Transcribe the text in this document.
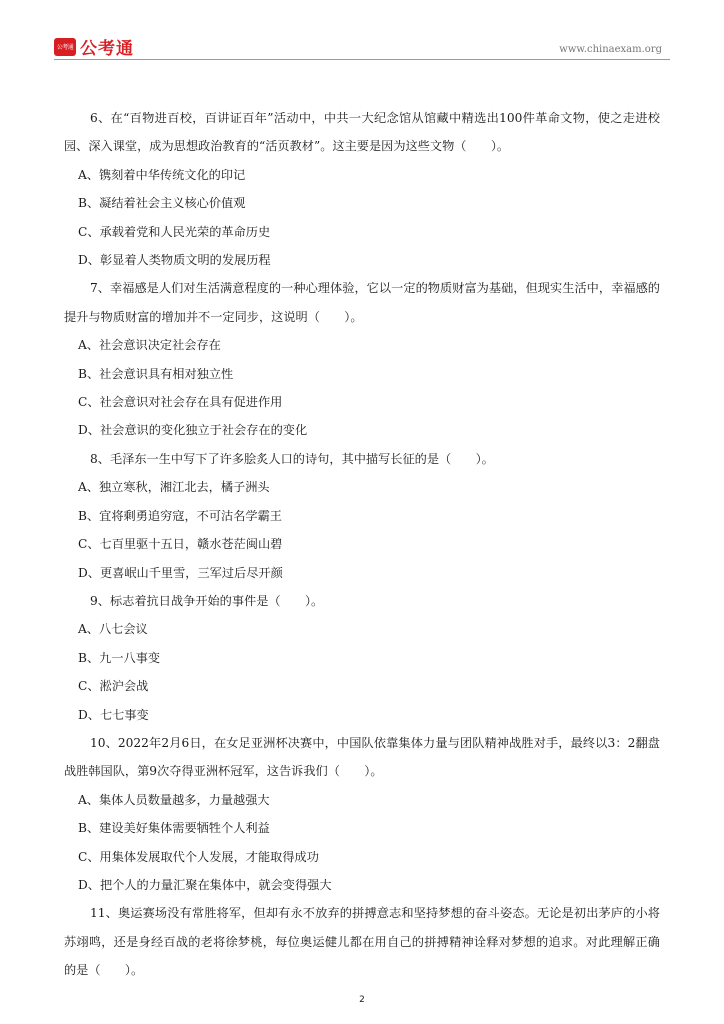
公考通 公考通	www.chinaexam.org

6、在“百物进百校，百讲证百年”活动中，中共一大纪念馆从馆藏中精选出100件革命文物，使之走进校园、深入课堂，成为思想政治教育的“活页教材”。这主要是因为这些文物（　　）。

A、镌刻着中华传统文化的印记

B、凝结着社会主义核心价值观

C、承载着党和人民光荣的革命历史

D、彰显着人类物质文明的发展历程

7、幸福感是人们对生活满意程度的一种心理体验，它以一定的物质财富为基础，但现实生活中，幸福感的提升与物质财富的增加并不一定同步，这说明（　　）。

A、社会意识决定社会存在

B、社会意识具有相对独立性

C、社会意识对社会存在具有促进作用

D、社会意识的变化独立于社会存在的变化

8、毛泽东一生中写下了许多脍炙人口的诗句，其中描写长征的是（　　）。

A、独立寒秋，湘江北去，橘子洲头

B、宜将剩勇追穷寇，不可沽名学霸王

C、七百里驱十五日，赣水苍茫闽山碧

D、更喜岷山千里雪，三军过后尽开颜

9、标志着抗日战争开始的事件是（　　）。

A、八七会议

B、九一八事变

C、淞沪会战

D、七七事变

10、2022年2月6日，在女足亚洲杯决赛中，中国队依靠集体力量与团队精神战胜对手，最终以3：2翻盘战胜韩国队，第9次夺得亚洲杯冠军，这告诉我们（　　）。

A、集体人员数量越多，力量越强大

B、建设美好集体需要牺牲个人利益

C、用集体发展取代个人发展，才能取得成功

D、把个人的力量汇聚在集体中，就会变得强大

11、奥运赛场没有常胜将军，但却有永不放弃的拼搏意志和坚持梦想的奋斗姿态。无论是初出茅庐的小将苏翊鸣，还是身经百战的老将徐梦桃，每位奥运健儿都在用自己的拼搏精神诠释对梦想的追求。对此理解正确的是（　　）。

2
